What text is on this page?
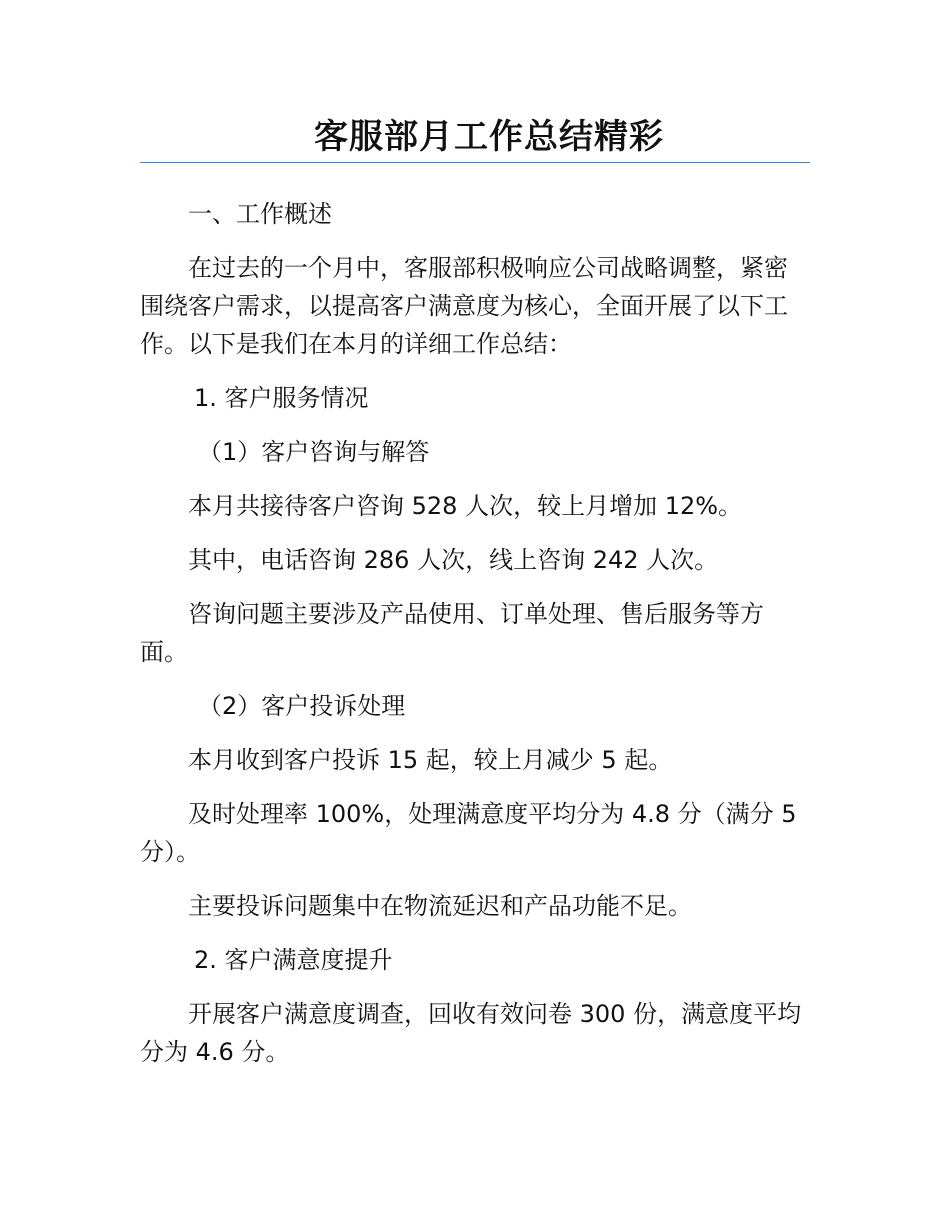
客服部月工作总结精彩

一、工作概述

在过去的一个月中，客服部积极响应公司战略调整，紧密围绕客户需求，以提高客户满意度为核心，全面开展了以下工作。以下是我们在本月的详细工作总结：

1. 客户服务情况

（1）客户咨询与解答

本月共接待客户咨询 528 人次，较上月增加 12%。

其中，电话咨询 286 人次，线上咨询 242 人次。

咨询问题主要涉及产品使用、订单处理、售后服务等方面。

（2）客户投诉处理

本月收到客户投诉 15 起，较上月减少 5 起。

及时处理率 100%，处理满意度平均分为 4.8 分（满分 5 分）。

主要投诉问题集中在物流延迟和产品功能不足。

2. 客户满意度提升

开展客户满意度调查，回收有效问卷 300 份，满意度平均分为 4.6 分。
